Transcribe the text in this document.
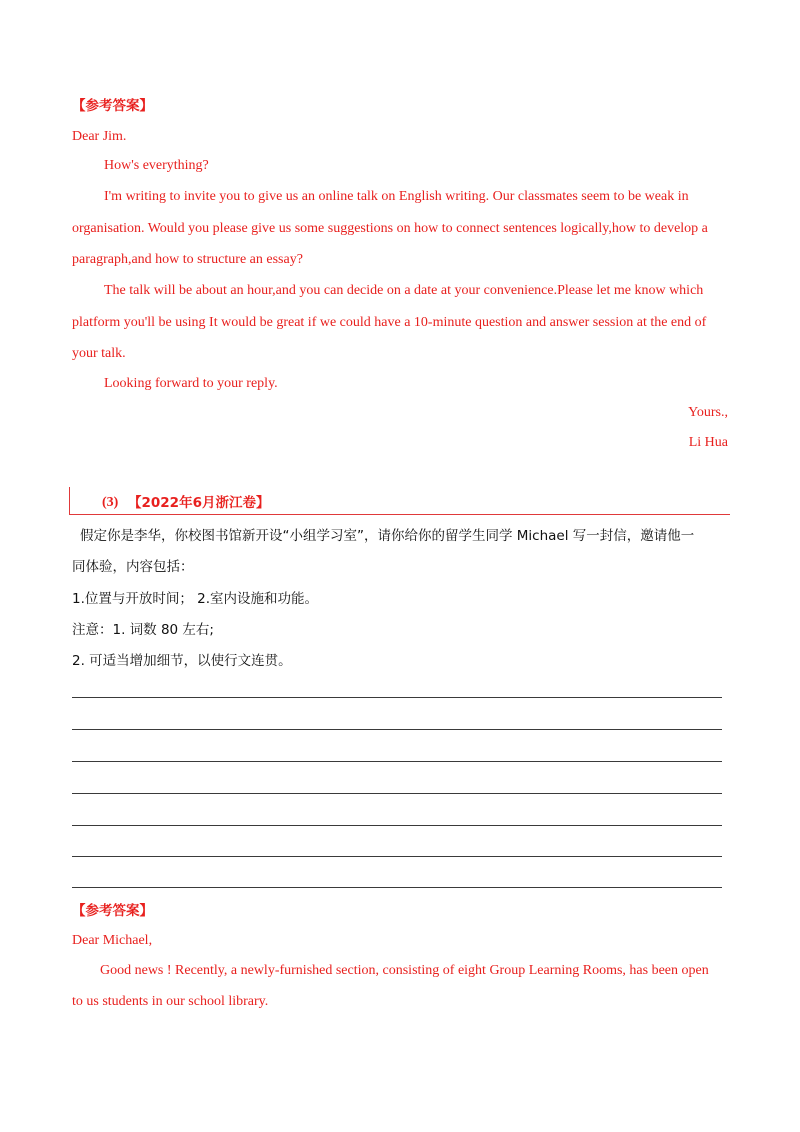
【参考答案】
Dear Jim.
How's everything?
I'm writing to invite you to give us an online talk on English writing. Our classmates seem to be weak in
organisation. Would you please give us some suggestions on how to connect sentences logically,how to develop a
paragraph,and how to structure an essay?
The talk will be about an hour,and you can decide on a date at your convenience.Please let me know which
platform you'll be using It would be great if we could have a 10-minute question and answer session at the end of
your talk.
Looking forward to your reply.
Yours.,
Li Hua
(3) 【2022年6月浙江卷】
假定你是李华，你校图书馆新开设“小组学习室”，请你给你的留学生同学 Michael 写一封信，邀请他一
同体验，内容包括：
1.位置与开放时间； 2.室内设施和功能。
注意：1. 词数 80 左右;
2. 可适当增加细节，以使行文连贯。
【参考答案】
Dear Michael,
Good news ! Recently, a newly-furnished section, consisting of eight Group Learning Rooms, has been open
to us students in our school library.
